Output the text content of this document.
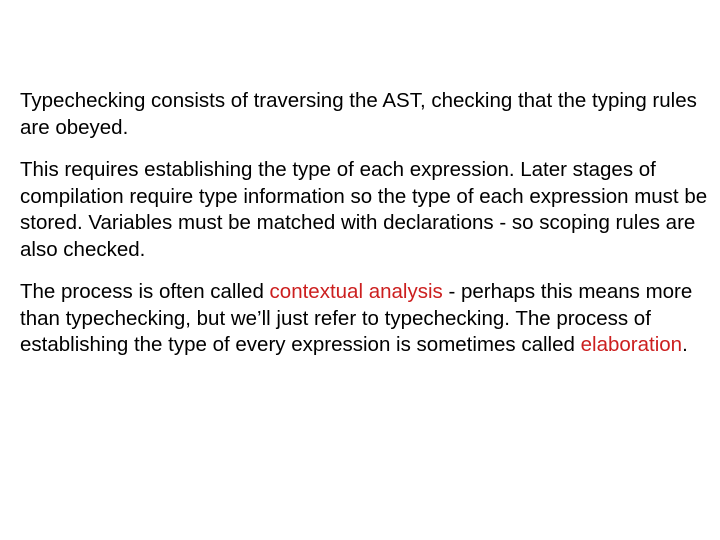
Typechecking consists of traversing the AST, checking that the typing rules are obeyed.

This requires establishing the type of each expression. Later stages of compilation require type information so the type of each expression must be stored. Variables must be matched with declarations - so scoping rules are also checked.

The process is often called contextual analysis - perhaps this means more than typechecking, but we’ll just refer to typechecking. The process of establishing the type of every expression is sometimes called elaboration.
